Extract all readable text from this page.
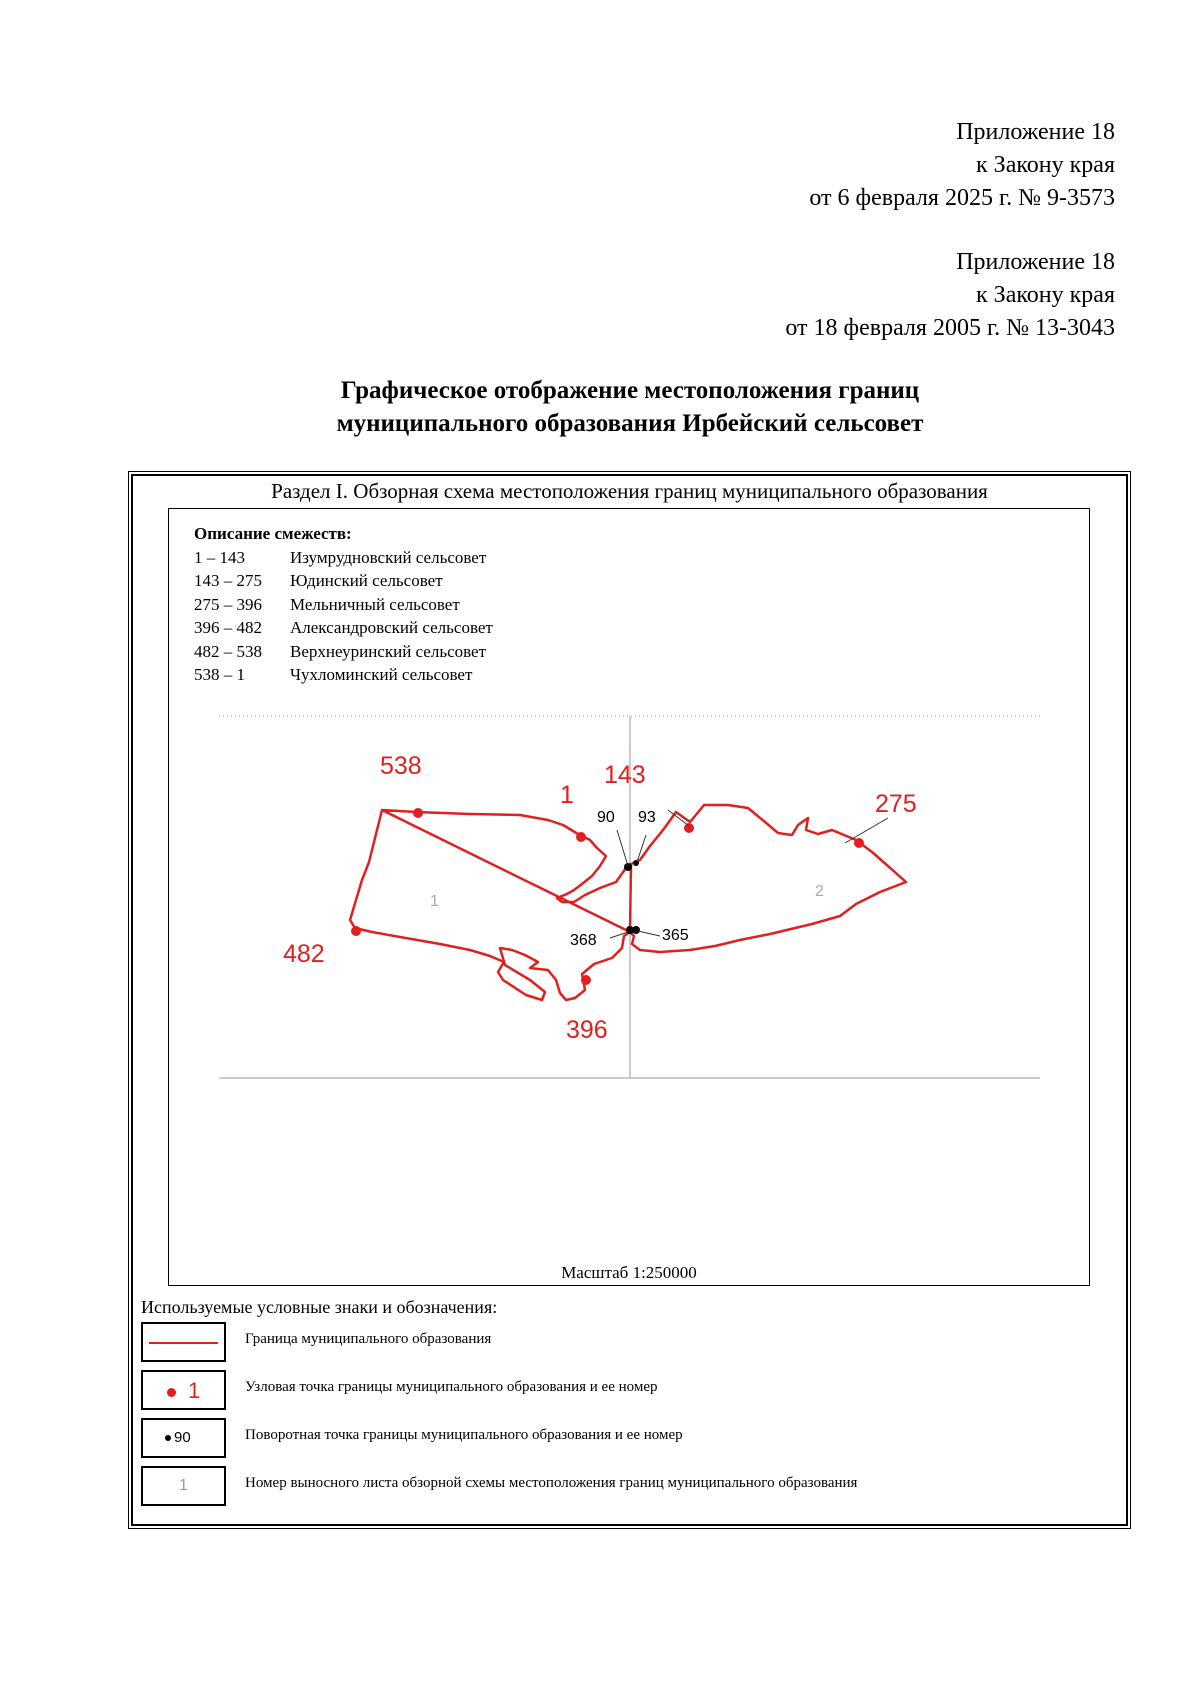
Приложение 18
к Закону края
от 6 февраля 2025 г. № 9-3573
Приложение 18
к Закону края
от 18 февраля 2005 г. № 13-3043
Графическое отображение местоположения границ
муниципального образования Ирбейский сельсовет
Раздел I. Обзорная схема местоположения границ муниципального образования
Описание смежеств:
1 – 143	Изумрудновский сельсовет
143 – 275	Юдинский сельсовет
275 – 396	Мельничный сельсовет
396 – 482	Александровский сельсовет
482 – 538	Верхнеуринский сельсовет
538 – 1	Чухломинский сельсовет
538
1
143
275
396
482
90 93
368	365
1
2
Масштаб 1:250000
Используемые условные знаки и обозначения:
Граница муниципального образования
1	Узловая точка границы муниципального образования и ее номер
90	Поворотная точка границы муниципального образования и ее номер
1	Номер выносного листа обзорной схемы местоположения границ муниципального образования
